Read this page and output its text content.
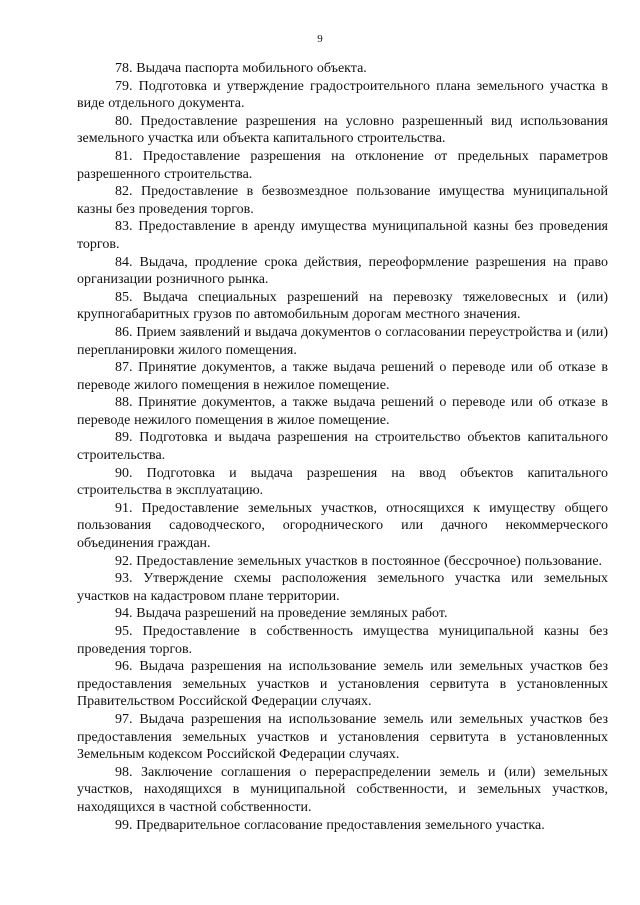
9

78. Выдача паспорта мобильного объекта.

79. Подготовка и утверждение градостроительного плана земельного участка в виде отдельного документа.

80. Предоставление разрешения на условно разрешенный вид использования земельного участка или объекта капитального строительства.

81. Предоставление разрешения на отклонение от предельных параметров разрешенного строительства.

82. Предоставление в безвозмездное пользование имущества муниципальной казны без проведения торгов.

83. Предоставление в аренду имущества муниципальной казны без проведения торгов.

84. Выдача, продление срока действия, переоформление разрешения на право организации розничного рынка.

85. Выдача специальных разрешений на перевозку тяжеловесных и (или) крупногабаритных грузов по автомобильным дорогам местного значения.

86. Прием заявлений и выдача документов о согласовании переустройства и (или) перепланировки жилого помещения.

87. Принятие документов, а также выдача решений о переводе или об отказе в переводе жилого помещения в нежилое помещение.

88. Принятие документов, а также выдача решений о переводе или об отказе в переводе нежилого помещения в жилое помещение.

89. Подготовка и выдача разрешения на строительство объектов капитального строительства.

90. Подготовка и выдача разрешения на ввод объектов капитального строительства в эксплуатацию.

91. Предоставление земельных участков, относящихся к имуществу общего пользования садоводческого, огороднического или дачного некоммерческого объединения граждан.

92. Предоставление земельных участков в постоянное (бессрочное) пользование.

93. Утверждение схемы расположения земельного участка или земельных участков на кадастровом плане территории.

94. Выдача разрешений на проведение земляных работ.

95. Предоставление в собственность имущества муниципальной казны без проведения торгов.

96. Выдача разрешения на использование земель или земельных участков без предоставления земельных участков и установления сервитута в установленных Правительством Российской Федерации случаях.

97. Выдача разрешения на использование земель или земельных участков без предоставления земельных участков и установления сервитута в установленных Земельным кодексом Российской Федерации случаях.

98. Заключение соглашения о перераспределении земель и (или) земельных участков, находящихся в муниципальной собственности, и земельных участков, находящихся в частной собственности.

99. Предварительное согласование предоставления земельного участка.
